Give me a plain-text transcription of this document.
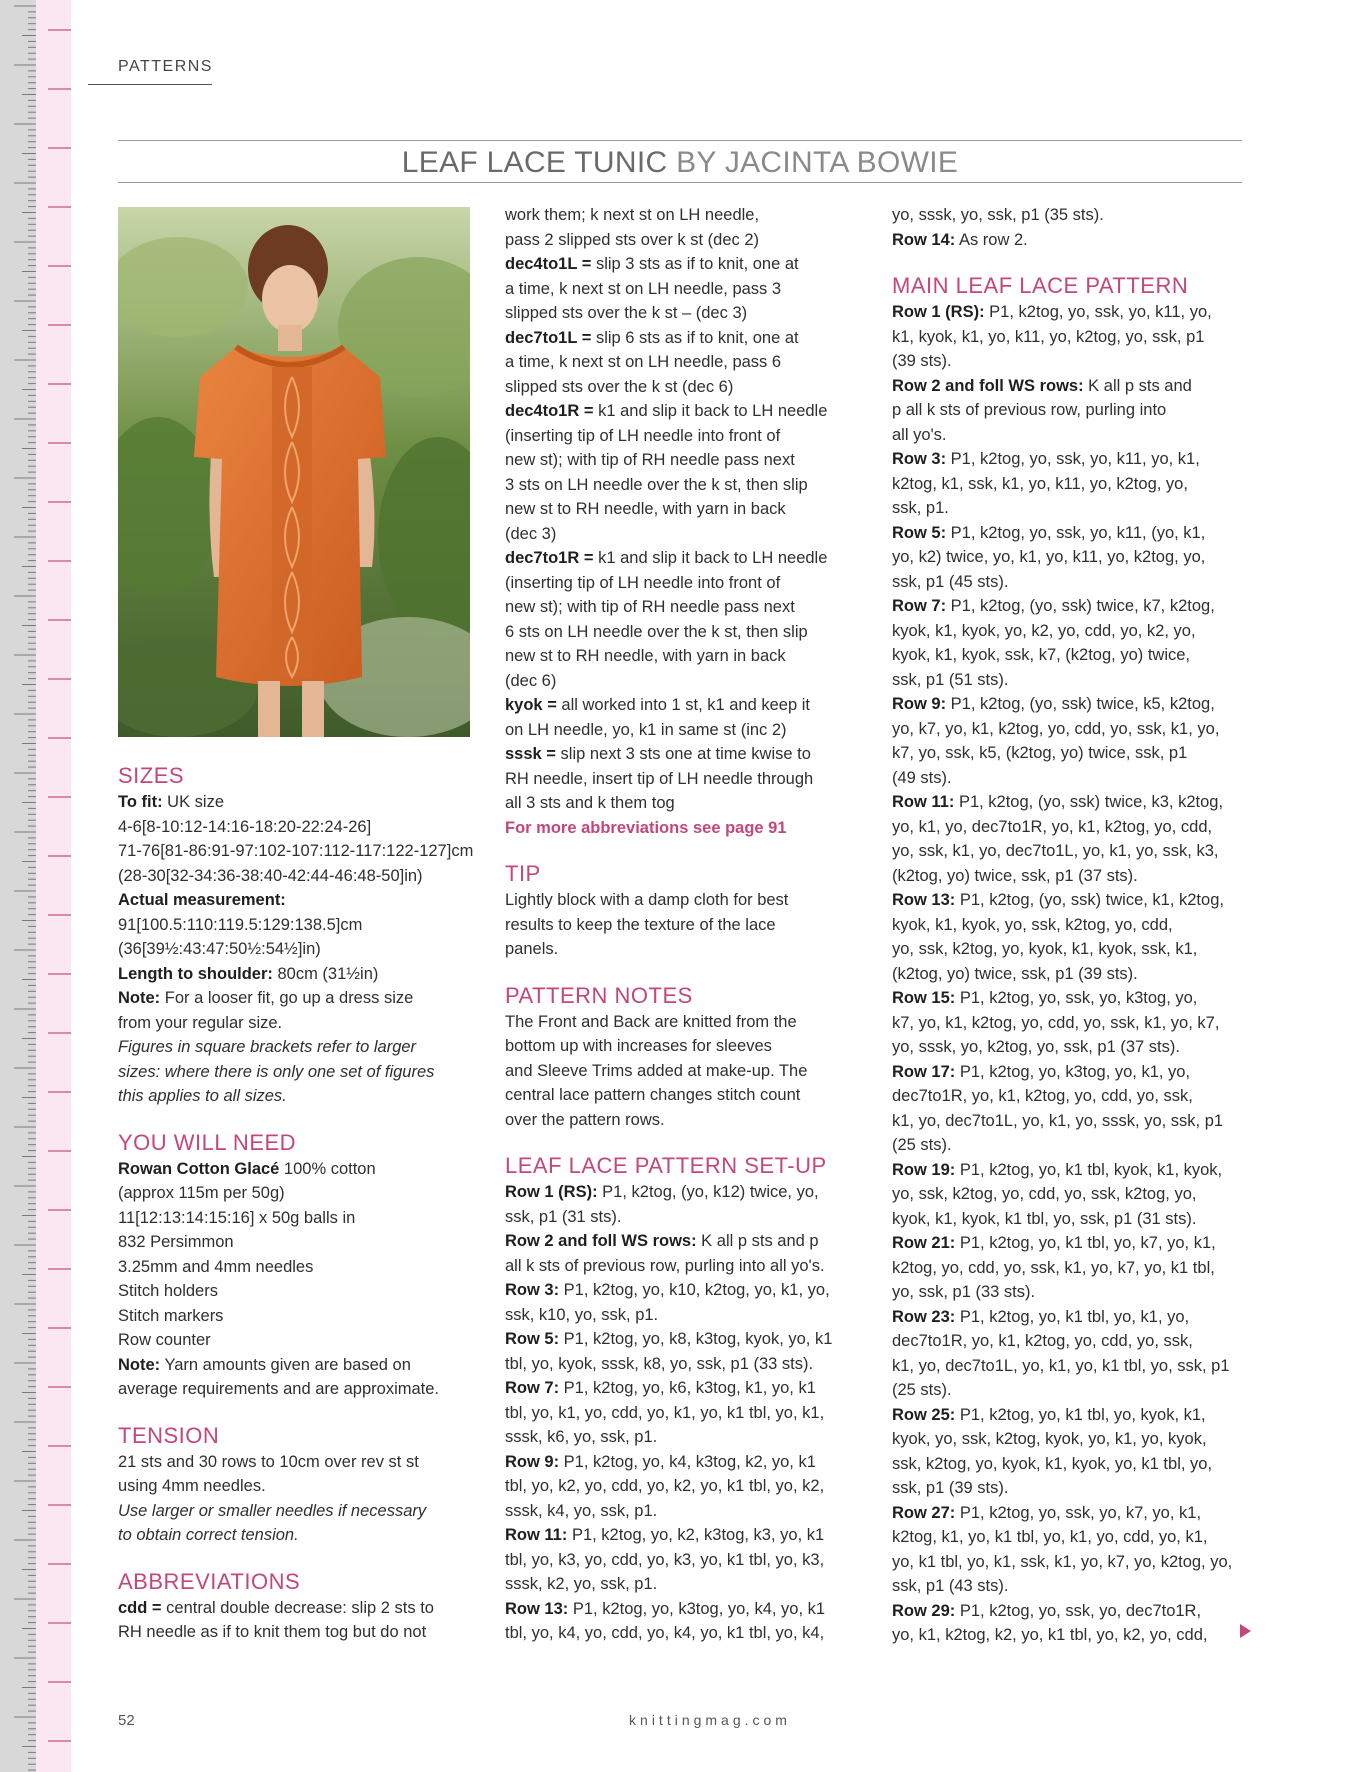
PATTERNS
LEAF LACE TUNIC BY JACINTA BOWIE

SIZES

To fit: UK size

4-6[8-10:12-14:16-18:20-22:24-26]

71-76[81-86:91-97:102-107:112-117:122-127]cm

(28-30[32-34:36-38:40-42:44-46:48-50]in)

Actual measurement:

91[100.5:110:119.5:129:138.5]cm

(36[39½:43:47:50½:54½]in)

Length to shoulder: 80cm (31½in)

Note: For a looser fit, go up a dress size

from your regular size.

Figures in square brackets refer to larger

sizes: where there is only one set of figures

this applies to all sizes.

YOU WILL NEED

Rowan Cotton Glacé 100% cotton

(approx 115m per 50g)

11[12:13:14:15:16] x 50g balls in

832 Persimmon

3.25mm and 4mm needles

Stitch holders

Stitch markers

Row counter

Note: Yarn amounts given are based on

average requirements and are approximate.

TENSION

21 sts and 30 rows to 10cm over rev st st

using 4mm needles.

Use larger or smaller needles if necessary

to obtain correct tension.

ABBREVIATIONS

cdd = central double decrease: slip 2 sts to

RH needle as if to knit them tog but do not

work them; k next st on LH needle,

pass 2 slipped sts over k st (dec 2)

dec4to1L = slip 3 sts as if to knit, one at

a time, k next st on LH needle, pass 3

slipped sts over the k st – (dec 3)

dec7to1L = slip 6 sts as if to knit, one at

a time, k next st on LH needle, pass 6

slipped sts over the k st (dec 6)

dec4to1R = k1 and slip it back to LH needle

(inserting tip of LH needle into front of

new st); with tip of RH needle pass next

3 sts on LH needle over the k st, then slip

new st to RH needle, with yarn in back

(dec 3)

dec7to1R = k1 and slip it back to LH needle

(inserting tip of LH needle into front of

new st); with tip of RH needle pass next

6 sts on LH needle over the k st, then slip

new st to RH needle, with yarn in back

(dec 6)

kyok = all worked into 1 st, k1 and keep it

on LH needle, yo, k1 in same st (inc 2)

sssk = slip next 3 sts one at time kwise to

RH needle, insert tip of LH needle through

all 3 sts and k them tog

For more abbreviations see page 91

TIP

Lightly block with a damp cloth for best

results to keep the texture of the lace

panels.

PATTERN NOTES

The Front and Back are knitted from the

bottom up with increases for sleeves

and Sleeve Trims added at make-up. The

central lace pattern changes stitch count

over the pattern rows.

LEAF LACE PATTERN SET-UP

Row 1 (RS): P1, k2tog, (yo, k12) twice, yo,

ssk, p1 (31 sts).

Row 2 and foll WS rows: K all p sts and p

all k sts of previous row, purling into all yo's.

Row 3: P1, k2tog, yo, k10, k2tog, yo, k1, yo,

ssk, k10, yo, ssk, p1.

Row 5: P1, k2tog, yo, k8, k3tog, kyok, yo, k1

tbl, yo, kyok, sssk, k8, yo, ssk, p1 (33 sts).

Row 7: P1, k2tog, yo, k6, k3tog, k1, yo, k1

tbl, yo, k1, yo, cdd, yo, k1, yo, k1 tbl, yo, k1,

sssk, k6, yo, ssk, p1.

Row 9: P1, k2tog, yo, k4, k3tog, k2, yo, k1

tbl, yo, k2, yo, cdd, yo, k2, yo, k1 tbl, yo, k2,

sssk, k4, yo, ssk, p1.

Row 11: P1, k2tog, yo, k2, k3tog, k3, yo, k1

tbl, yo, k3, yo, cdd, yo, k3, yo, k1 tbl, yo, k3,

sssk, k2, yo, ssk, p1.

Row 13: P1, k2tog, yo, k3tog, yo, k4, yo, k1

tbl, yo, k4, yo, cdd, yo, k4, yo, k1 tbl, yo, k4,

yo, sssk, yo, ssk, p1 (35 sts).

Row 14: As row 2.

MAIN LEAF LACE PATTERN

Row 1 (RS): P1, k2tog, yo, ssk, yo, k11, yo,

k1, kyok, k1, yo, k11, yo, k2tog, yo, ssk, p1

(39 sts).

Row 2 and foll WS rows: K all p sts and

p all k sts of previous row, purling into

all yo's.

Row 3: P1, k2tog, yo, ssk, yo, k11, yo, k1,

k2tog, k1, ssk, k1, yo, k11, yo, k2tog, yo,

ssk, p1.

Row 5: P1, k2tog, yo, ssk, yo, k11, (yo, k1,

yo, k2) twice, yo, k1, yo, k11, yo, k2tog, yo,

ssk, p1 (45 sts).

Row 7: P1, k2tog, (yo, ssk) twice, k7, k2tog,

kyok, k1, kyok, yo, k2, yo, cdd, yo, k2, yo,

kyok, k1, kyok, ssk, k7, (k2tog, yo) twice,

ssk, p1 (51 sts).

Row 9: P1, k2tog, (yo, ssk) twice, k5, k2tog,

yo, k7, yo, k1, k2tog, yo, cdd, yo, ssk, k1, yo,

k7, yo, ssk, k5, (k2tog, yo) twice, ssk, p1

(49 sts).

Row 11: P1, k2tog, (yo, ssk) twice, k3, k2tog,

yo, k1, yo, dec7to1R, yo, k1, k2tog, yo, cdd,

yo, ssk, k1, yo, dec7to1L, yo, k1, yo, ssk, k3,

(k2tog, yo) twice, ssk, p1 (37 sts).

Row 13: P1, k2tog, (yo, ssk) twice, k1, k2tog,

kyok, k1, kyok, yo, ssk, k2tog, yo, cdd,

yo, ssk, k2tog, yo, kyok, k1, kyok, ssk, k1,

(k2tog, yo) twice, ssk, p1 (39 sts).

Row 15: P1, k2tog, yo, ssk, yo, k3tog, yo,

k7, yo, k1, k2tog, yo, cdd, yo, ssk, k1, yo, k7,

yo, sssk, yo, k2tog, yo, ssk, p1 (37 sts).

Row 17: P1, k2tog, yo, k3tog, yo, k1, yo,

dec7to1R, yo, k1, k2tog, yo, cdd, yo, ssk,

k1, yo, dec7to1L, yo, k1, yo, sssk, yo, ssk, p1

(25 sts).

Row 19: P1, k2tog, yo, k1 tbl, kyok, k1, kyok,

yo, ssk, k2tog, yo, cdd, yo, ssk, k2tog, yo,

kyok, k1, kyok, k1 tbl, yo, ssk, p1 (31 sts).

Row 21: P1, k2tog, yo, k1 tbl, yo, k7, yo, k1,

k2tog, yo, cdd, yo, ssk, k1, yo, k7, yo, k1 tbl,

yo, ssk, p1 (33 sts).

Row 23: P1, k2tog, yo, k1 tbl, yo, k1, yo,

dec7to1R, yo, k1, k2tog, yo, cdd, yo, ssk,

k1, yo, dec7to1L, yo, k1, yo, k1 tbl, yo, ssk, p1

(25 sts).

Row 25: P1, k2tog, yo, k1 tbl, yo, kyok, k1,

kyok, yo, ssk, k2tog, kyok, yo, k1, yo, kyok,

ssk, k2tog, yo, kyok, k1, kyok, yo, k1 tbl, yo,

ssk, p1 (39 sts).

Row 27: P1, k2tog, yo, ssk, yo, k7, yo, k1,

k2tog, k1, yo, k1 tbl, yo, k1, yo, cdd, yo, k1,

yo, k1 tbl, yo, k1, ssk, k1, yo, k7, yo, k2tog, yo,

ssk, p1 (43 sts).

Row 29: P1, k2tog, yo, ssk, yo, dec7to1R,

yo, k1, k2tog, k2, yo, k1 tbl, yo, k2, yo, cdd,

52	knittingmag.com
